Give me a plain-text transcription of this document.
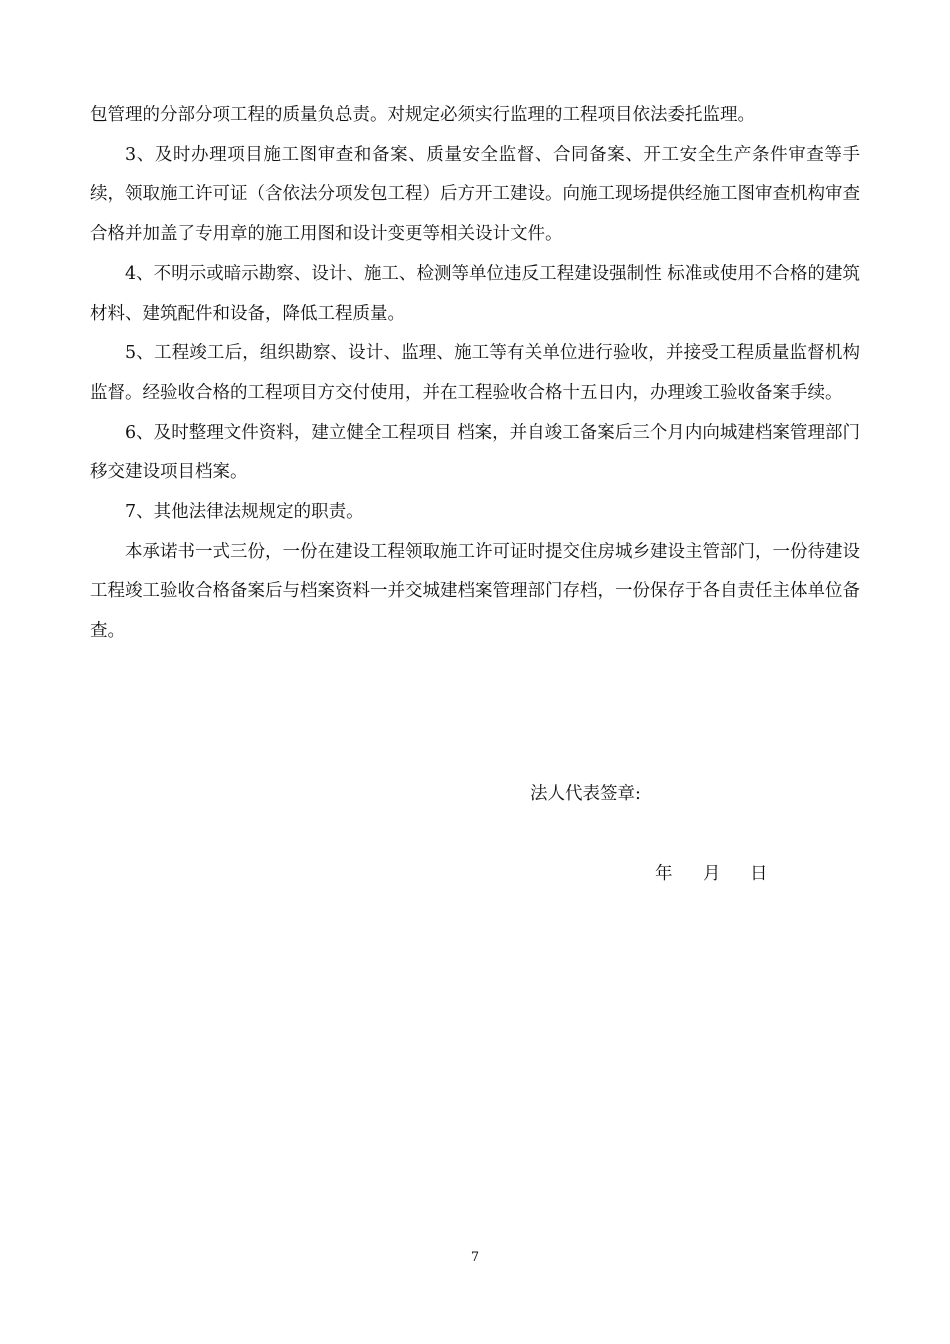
包管理的分部分项工程的质量负总责。对规定必须实行监理的工程项目依法委托监理。

3、及时办理项目施工图审查和备案、质量安全监督、合同备案、开工安全生产条件审查等手续，领取施工许可证（含依法分项发包工程）后方开工建设。向施工现场提供经施工图审查机构审查合格并加盖了专用章的施工用图和设计变更等相关设计文件。

4、不明示或暗示勘察、设计、施工、检测等单位违反工程建设强制性 标准或使用不合格的建筑材料、建筑配件和设备，降低工程质量。

5、工程竣工后，组织勘察、设计、监理、施工等有关单位进行验收，并接受工程质量监督机构监督。经验收合格的工程项目方交付使用，并在工程验收合格十五日内，办理竣工验收备案手续。

6、及时整理文件资料，建立健全工程项目 档案，并自竣工备案后三个月内向城建档案管理部门移交建设项目档案。

7、其他法律法规规定的职责。

本承诺书一式三份，一份在建设工程领取施工许可证时提交住房城乡建设主管部门，一份待建设工程竣工验收合格备案后与档案资料一并交城建档案管理部门存档，一份保存于各自责任主体单位备查。

法人代表签章:
年 月 日
7
